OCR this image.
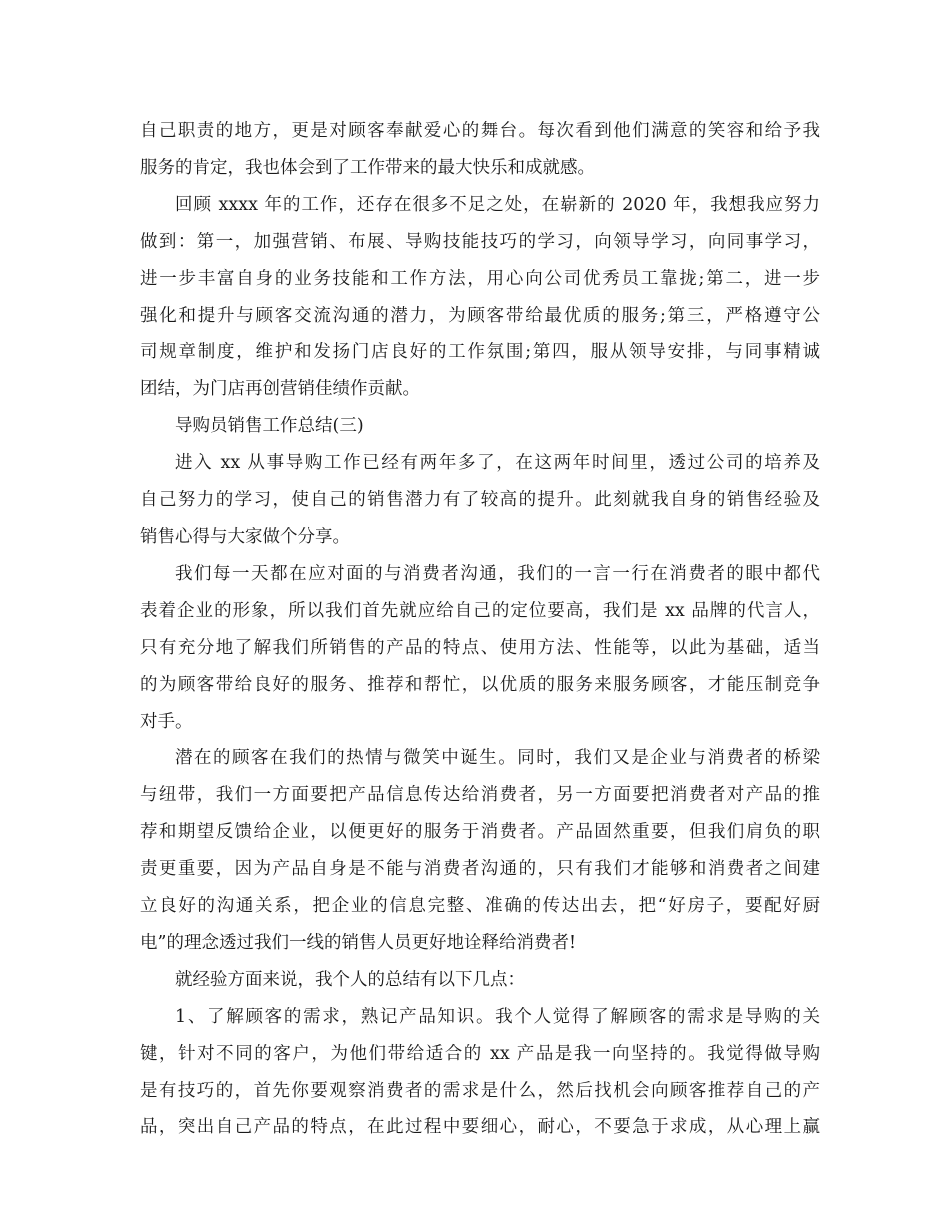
自己职责的地方，更是对顾客奉献爱心的舞台。每次看到他们满意的笑容和给予我
服务的肯定，我也体会到了工作带来的最大快乐和成就感。

回顾 xxxx 年的工作，还存在很多不足之处，在崭新的 2020 年，我想我应努力
做到：第一，加强营销、布展、导购技能技巧的学习，向领导学习，向同事学习，
进一步丰富自身的业务技能和工作方法，用心向公司优秀员工靠拢;第二，进一步
强化和提升与顾客交流沟通的潜力，为顾客带给最优质的服务;第三，严格遵守公
司规章制度，维护和发扬门店良好的工作氛围;第四，服从领导安排，与同事精诚
团结，为门店再创营销佳绩作贡献。

导购员销售工作总结(三)

进入 xx 从事导购工作已经有两年多了，在这两年时间里，透过公司的培养及
自己努力的学习，使自己的销售潜力有了较高的提升。此刻就我自身的销售经验及
销售心得与大家做个分享。

我们每一天都在应对面的与消费者沟通，我们的一言一行在消费者的眼中都代
表着企业的形象，所以我们首先就应给自己的定位要高，我们是 xx 品牌的代言人，
只有充分地了解我们所销售的产品的特点、使用方法、性能等，以此为基础，适当
的为顾客带给良好的服务、推荐和帮忙，以优质的服务来服务顾客，才能压制竞争
对手。

潜在的顾客在我们的热情与微笑中诞生。同时，我们又是企业与消费者的桥梁
与纽带，我们一方面要把产品信息传达给消费者，另一方面要把消费者对产品的推
荐和期望反馈给企业，以便更好的服务于消费者。产品固然重要，但我们肩负的职
责更重要，因为产品自身是不能与消费者沟通的，只有我们才能够和消费者之间建
立良好的沟通关系，把企业的信息完整、准确的传达出去，把“好房子，要配好厨
电”的理念透过我们一线的销售人员更好地诠释给消费者!

就经验方面来说，我个人的总结有以下几点：

1、了解顾客的需求，熟记产品知识。我个人觉得了解顾客的需求是导购的关
键，针对不同的客户，为他们带给适合的 xx 产品是我一向坚持的。我觉得做导购
是有技巧的，首先你要观察消费者的需求是什么，然后找机会向顾客推荐自己的产
品，突出自己产品的特点，在此过程中要细心，耐心，不要急于求成，从心理上赢
